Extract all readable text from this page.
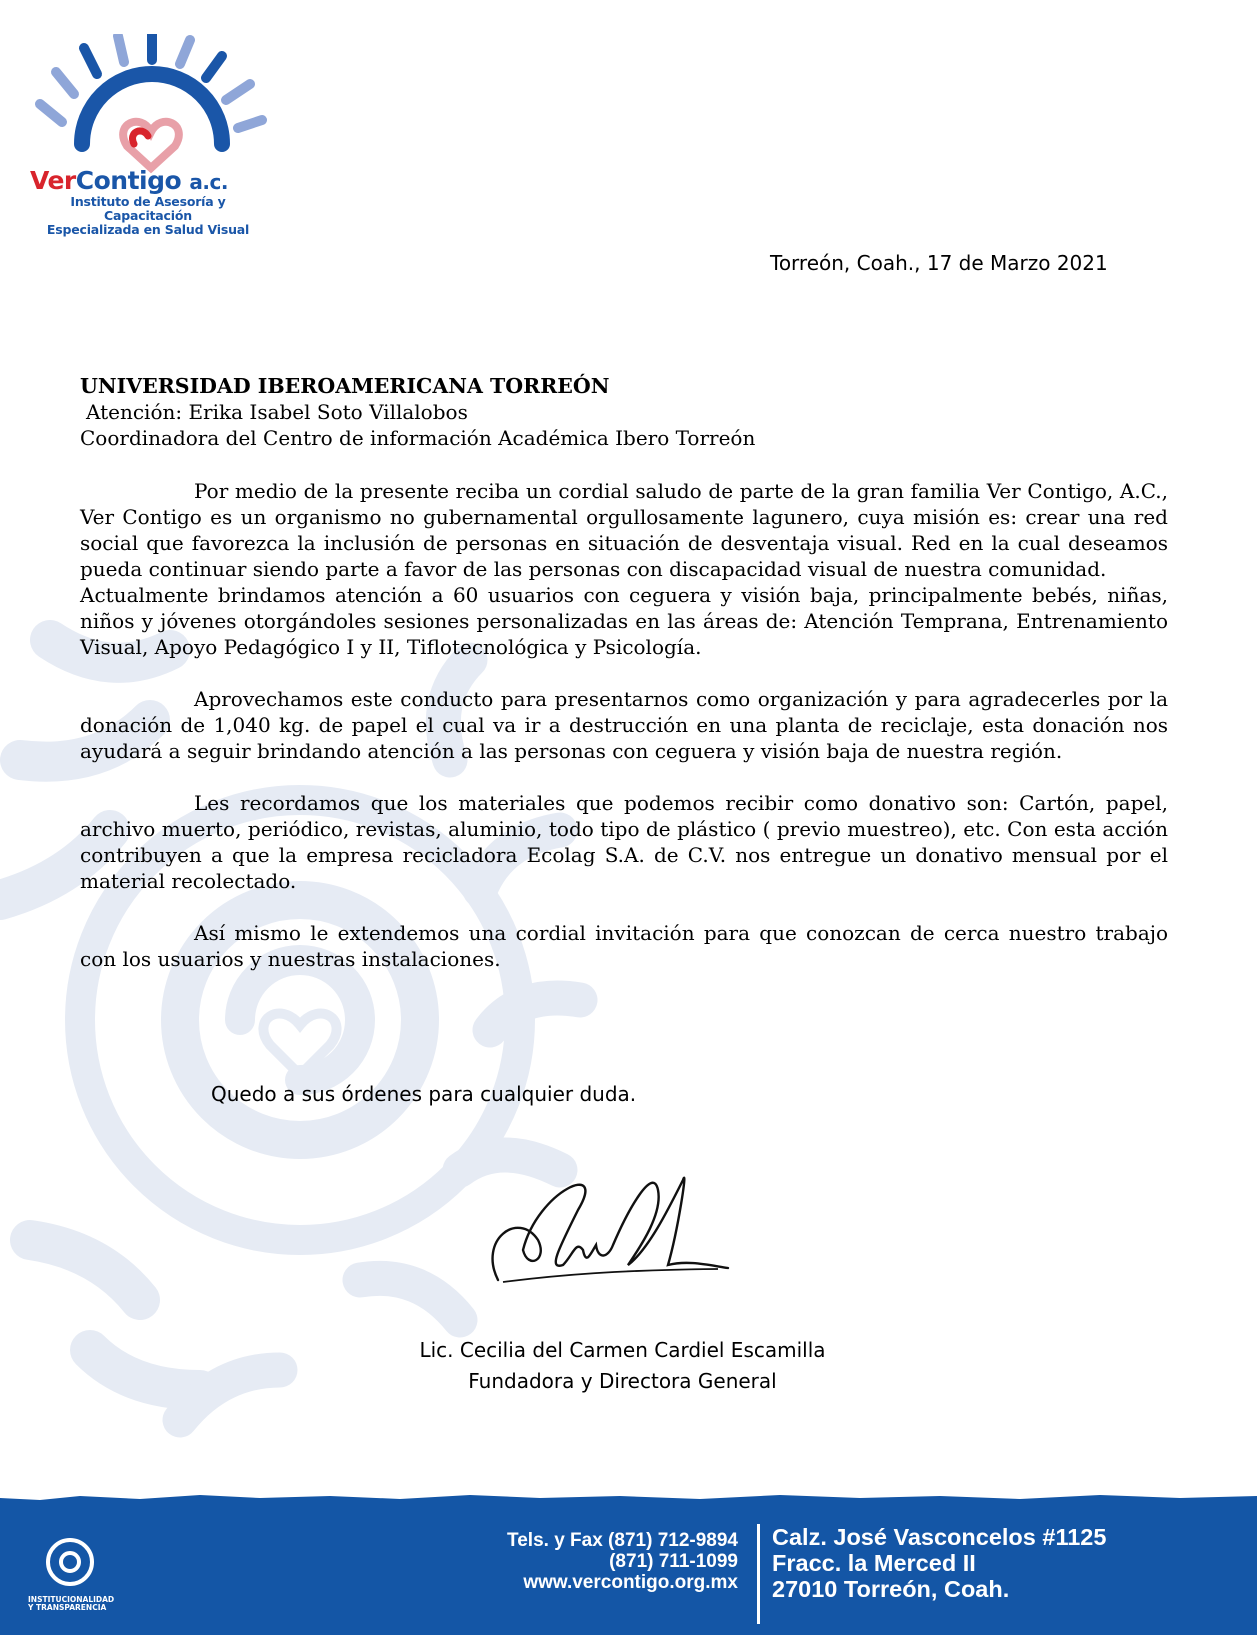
VerContigo a.c.
Instituto de Asesoría y Capacitación
Especializada en Salud Visual
Torreón, Coah., 17 de Marzo 2021
UNIVERSIDAD IBEROAMERICANA TORREÓN
Atención: Erika Isabel Soto Villalobos
Coordinadora del Centro de información Académica Ibero Torreón

Por medio de la presente reciba un cordial saludo de parte de la gran familia Ver Contigo, A.C., Ver Contigo es un organismo no gubernamental orgullosamente lagunero, cuya misión es: crear una red social que favorezca la inclusión de personas en situación de desventaja visual. Red en la cual deseamos pueda continuar siendo parte a favor de las personas con discapacidad visual de nuestra comunidad.

Actualmente brindamos atención a 60 usuarios con ceguera y visión baja, principalmente bebés, niñas, niños y jóvenes otorgándoles sesiones personalizadas en las áreas de: Atención Temprana, Entrenamiento Visual, Apoyo Pedagógico I y II, Tiflotecnológica y Psicología.

Aprovechamos este conducto para presentarnos como organización y para agradecerles por la donación de 1,040 kg. de papel el cual va ir a destrucción en una planta de reciclaje, esta donación nos ayudará a seguir brindando atención a las personas con ceguera y visión baja de nuestra región.

Les recordamos que los materiales que podemos recibir como donativo son: Cartón, papel, archivo muerto, periódico, revistas, aluminio, todo tipo de plástico ( previo muestreo), etc. Con esta acción contribuyen a que la empresa recicladora Ecolag S.A. de C.V. nos entregue un donativo mensual por el material recolectado.

Así mismo le extendemos una cordial invitación para que conozcan de cerca nuestro trabajo con los usuarios y nuestras instalaciones.

Quedo a sus órdenes para cualquier duda.
Lic. Cecilia del Carmen Cardiel Escamilla
Fundadora y Directora General
INSTITUCIONALIDAD
Y TRANSPARENCIA
Tels. y Fax (871) 712-9894
(871) 711-1099
www.vercontigo.org.mx
Calz. José Vasconcelos #1125
Fracc. la Merced II
27010 Torreón, Coah.
